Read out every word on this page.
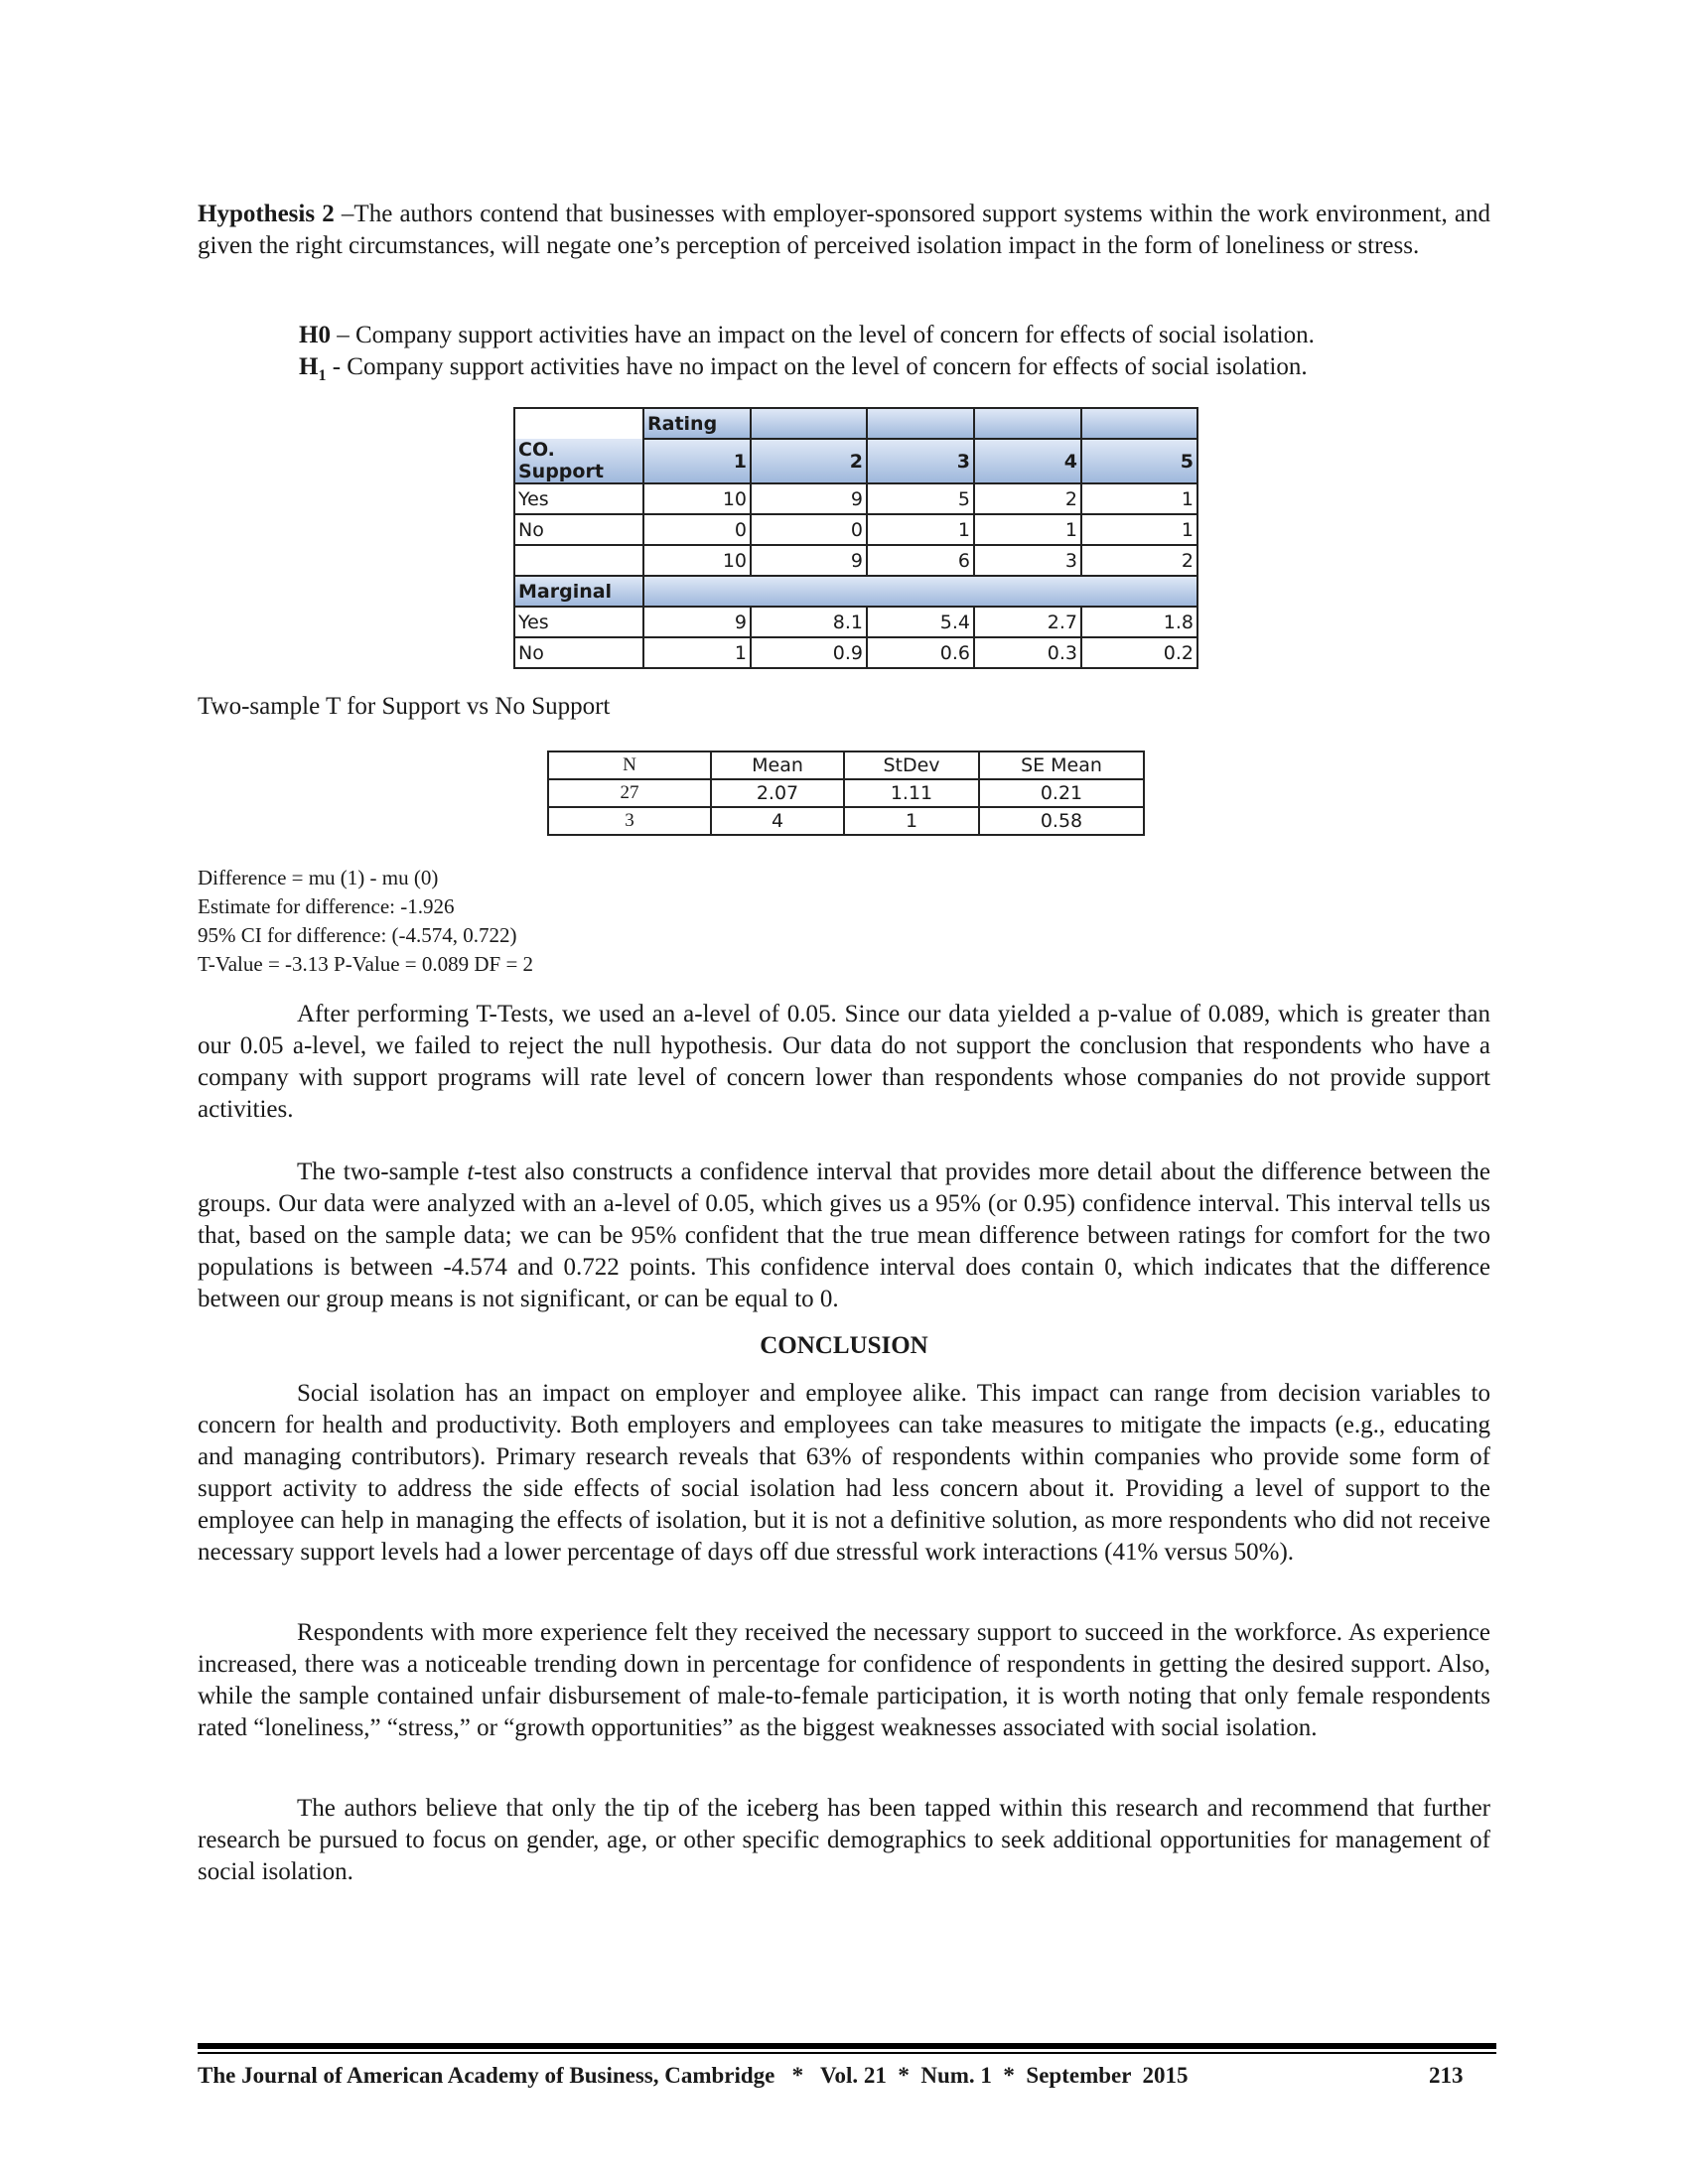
Hypothesis 2 –The authors contend that businesses with employer-sponsored support systems within the work environment, and given the right circumstances, will negate one’s perception of perceived isolation impact in the form of loneliness or stress.

H0 – Company support activities have an impact on the level of concern for effects of social isolation.
$H_1$ - Company support activities have no impact on the level of concern for effects of social isolation.
	Rating				
CO. Support	1	2	3	4	5
Yes	10	9	5	2	1
No	0	0	1	1	1
	10	9	6	3	2
Marginal					
Yes	9	8.1	5.4	2.7	1.8
No	1	0.9	0.6	0.3	0.2
Two-sample T for Support vs No Support
N	Mean	StDev	SE Mean
27	2.07	1.11	0.21
3	4	1	0.58
Difference = mu (1) - mu (0)
Estimate for difference: -1.926
95% CI for difference: (-4.574, 0.722)
T-Value = -3.13 P-Value = 0.089 DF = 2

After performing T-Tests, we used an a-level of 0.05. Since our data yielded a p-value of 0.089, which is greater than our 0.05 a-level, we failed to reject the null hypothesis. Our data do not support the conclusion that respondents who have a company with support programs will rate level of concern lower than respondents whose companies do not provide support activities.

The two-sample t-test also constructs a confidence interval that provides more detail about the difference between the groups. Our data were analyzed with an a-level of 0.05, which gives us a 95% (or 0.95) confidence interval. This interval tells us that, based on the sample data; we can be 95% confident that the true mean difference between ratings for comfort for the two populations is between -4.574 and 0.722 points. This confidence interval does contain 0, which indicates that the difference between our group means is not significant, or can be equal to 0.

CONCLUSION

Social isolation has an impact on employer and employee alike. This impact can range from decision variables to concern for health and productivity. Both employers and employees can take measures to mitigate the impacts (e.g., educating and managing contributors). Primary research reveals that 63% of respondents within companies who provide some form of support activity to address the side effects of social isolation had less concern about it. Providing a level of support to the employee can help in managing the effects of isolation, but it is not a definitive solution, as more respondents who did not receive necessary support levels had a lower percentage of days off due stressful work interactions (41% versus 50%).

Respondents with more experience felt they received the necessary support to succeed in the workforce. As experience increased, there was a noticeable trending down in percentage for confidence of respondents in getting the desired support. Also, while the sample contained unfair disbursement of male-to-female participation, it is worth noting that only female respondents rated “loneliness,” “stress,” or “growth opportunities” as the biggest weaknesses associated with social isolation.

The authors believe that only the tip of the iceberg has been tapped within this research and recommend that further research be pursued to focus on gender, age, or other specific demographics to seek additional opportunities for management of social isolation.

The Journal of American Academy of Business, Cambridge   *   Vol. 21  *  Num. 1  *  September  2015	213
